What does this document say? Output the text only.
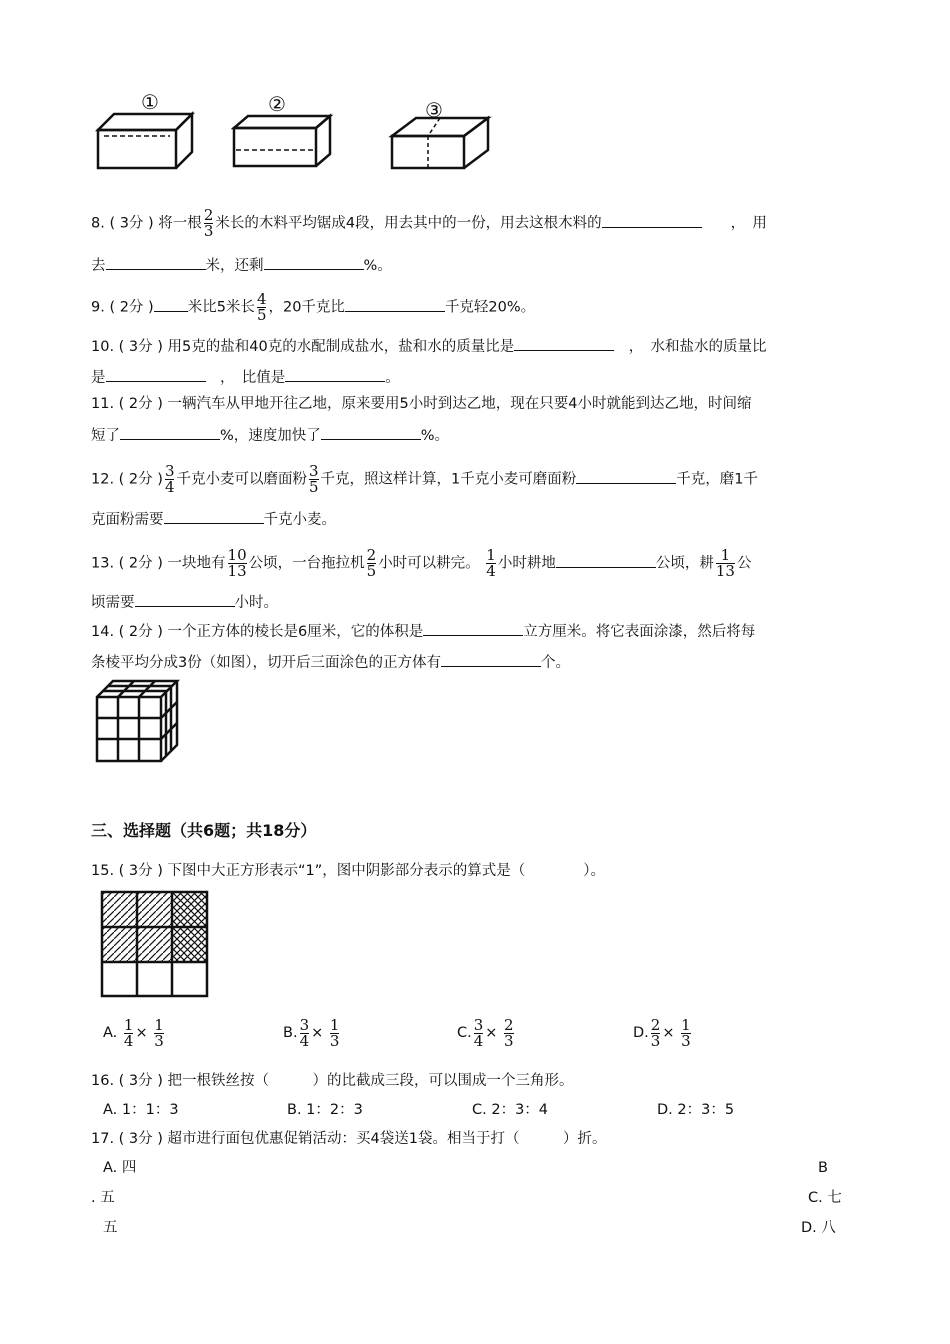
①	②	③
8. ( 3分 ) 将一根 $\frac{2}{3}$ 米长的木料平均锯成4段，用去其中的一份，用去这根木料的　　	，　用
去	米，还剩	%。
9. ( 2分 ) 米比5米长 $\frac{4}{5}$ ，20千克比	千克轻20%。
10. ( 3分 ) 用5克的盐和40克的水配制成盐水，盐和水的质量比是　	，　水和盐水的质量比
是　	，　比值是	。
11. ( 2分 ) 一辆汽车从甲地开往乙地，原来要用5小时到达乙地，现在只要4小时就能到达乙地，时间缩
短了	%，速度加快了	%。
12. ( 2分 ) $\frac{3}{4}$ 千克小麦可以磨面粉 $\frac{3}{5}$ 千克，照这样计算，1千克小麦可磨面粉	千克，磨1千
克面粉需要	千克小麦。
13. ( 2分 ) 一块地有 $\frac{10}{13}$ 公顷，一台拖拉机 $\frac{2}{5}$ 小时可以耕完。 $\frac{1}{4}$ 小时耕地	公顷，耕 $\frac{1}{13}$ 公
顷需要	小时。
14. ( 2分 ) 一个正方体的棱长是6厘米，它的体积是	立方厘米。将它表面涂漆，然后将每
条棱平均分成3份（如图），切开后三面涂色的正方体有	个。
三、选择题（共6题；共18分）
15. ( 3分 ) 下图中大正方形表示“1”，图中阴影部分表示的算式是（　　　　）。
A. $\frac{1}{4} \times \frac{1}{3}$	B. $\frac{3}{4} \times \frac{1}{3}$	C. $\frac{3}{4} \times \frac{2}{3}$	D. $\frac{2}{3} \times \frac{1}{3}$
16. ( 3分 ) 把一根铁丝按（　　　）的比截成三段，可以围成一个三角形。
A. 1：1：3	B. 1：2：3	C. 2：3：4	D. 2：3：5
17. ( 3分 ) 超市进行面包优惠促销活动：买4袋送1袋。相当于打（　　　）折。
A. 四	B
. 五	C. 七
五	D. 八
